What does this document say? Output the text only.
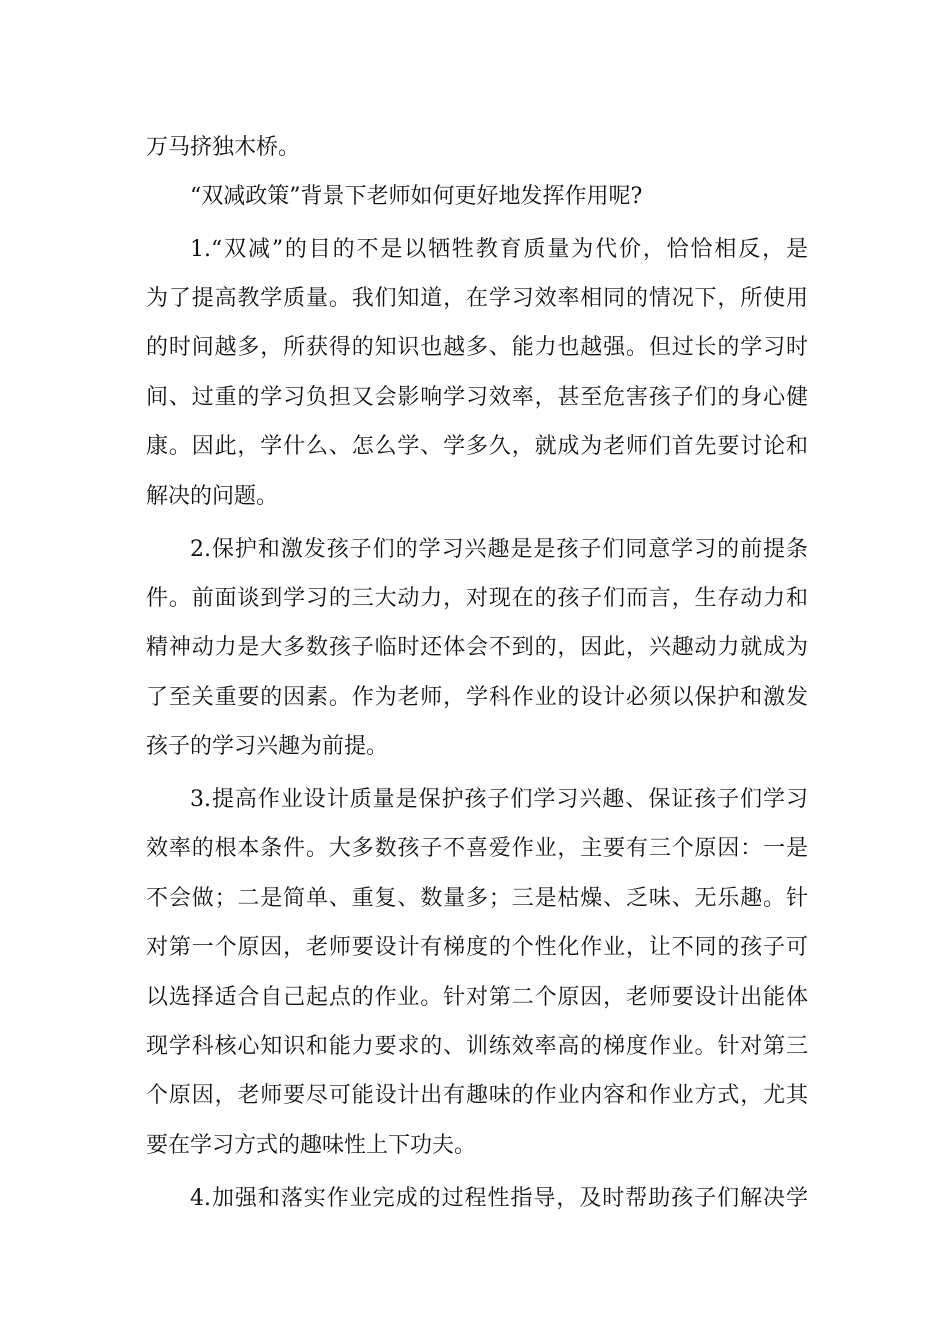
万马挤独木桥。
“双减政策”背景下老师如何更好地发挥作用呢?
1.“双减”的目的不是以牺牲教育质量为代价，恰恰相反，是
为了提高教学质量。我们知道，在学习效率相同的情况下，所使用
的时间越多，所获得的知识也越多、能力也越强。但过长的学习时
间、过重的学习负担又会影响学习效率，甚至危害孩子们的身心健
康。因此，学什么、怎么学、学多久，就成为老师们首先要讨论和
解决的问题。
2.保护和激发孩子们的学习兴趣是是孩子们同意学习的前提条
件。前面谈到学习的三大动力，对现在的孩子们而言，生存动力和
精神动力是大多数孩子临时还体会不到的，因此，兴趣动力就成为
了至关重要的因素。作为老师，学科作业的设计必须以保护和激发
孩子的学习兴趣为前提。
3.提高作业设计质量是保护孩子们学习兴趣、保证孩子们学习
效率的根本条件。大多数孩子不喜爱作业，主要有三个原因：一是
不会做；二是简单、重复、数量多；三是枯燥、乏味、无乐趣。针
对第一个原因，老师要设计有梯度的个性化作业，让不同的孩子可
以选择适合自己起点的作业。针对第二个原因，老师要设计出能体
现学科核心知识和能力要求的、训练效率高的梯度作业。针对第三
个原因，老师要尽可能设计出有趣味的作业内容和作业方式，尤其
要在学习方式的趣味性上下功夫。
4.加强和落实作业完成的过程性指导，及时帮助孩子们解决学
